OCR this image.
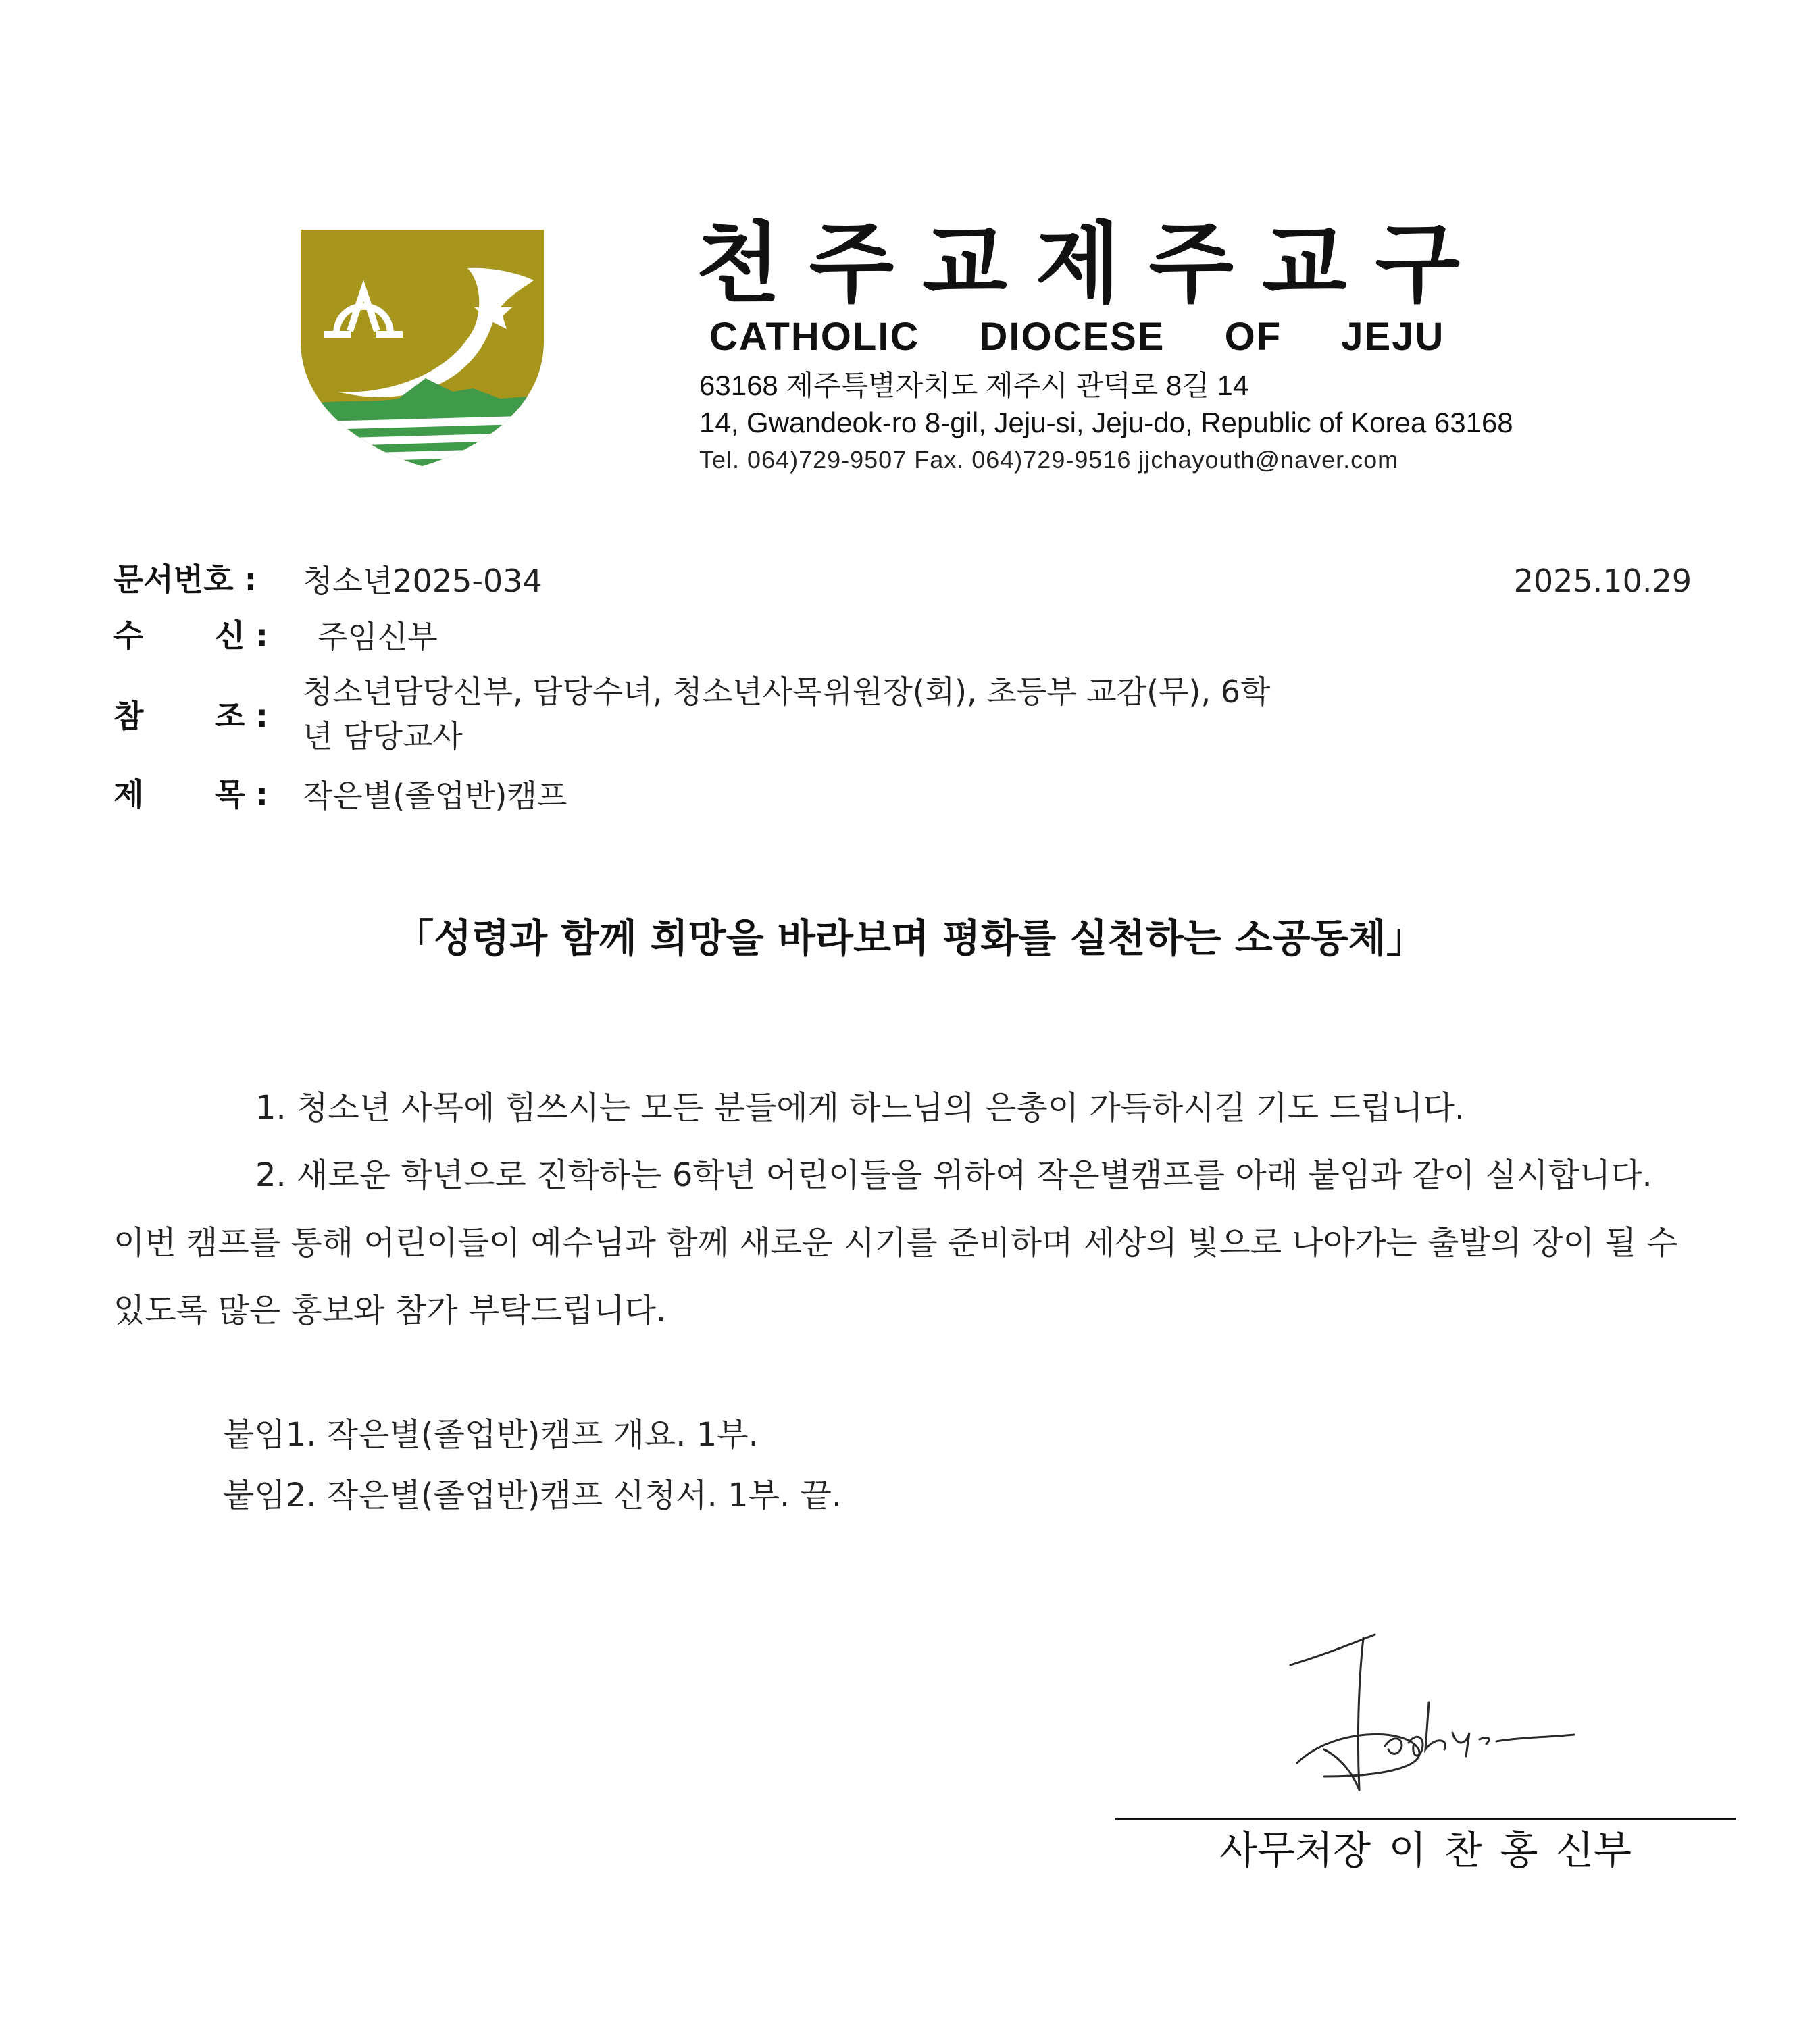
천주교제주교구
CATHOLIC DIOCESE OF JEJU
63168 제주특별자치도 제주시 관덕로 8길 14
14, Gwandeok-ro 8-gil, Jeju-si, Jeju-do, Republic of Korea 63168
Tel. 064)729-9507 Fax. 064)729-9516 jjchayouth@naver.com
문서번호 :	청소년2025-034	2025.10.29
수 신 : 주임신부
참 조 :
청소년담당신부, 담당수녀, 청소년사목위원장(회), 초등부 교감(무), 6학
년 담당교사
제 목 : 작은별(졸업반)캠프
「성령과 함께 희망을 바라보며 평화를 실천하는 소공동체」
1. 청소년 사목에 힘쓰시는 모든 분들에게 하느님의 은총이 가득하시길 기도 드립니다.
2. 새로운 학년으로 진학하는 6학년 어린이들을 위하여 작은별캠프를 아래 붙임과 같이 실시합니다. 이번 캠프를 통해 어린이들이 예수님과 함께 새로운 시기를 준비하며 세상의 빛으로 나아가는 출발의 장이 될 수 있도록 많은 홍보와 참가 부탁드립니다.
붙임1. 작은별(졸업반)캠프 개요. 1부.
붙임2. 작은별(졸업반)캠프 신청서. 1부. 끝.
사무처장 이 찬 홍 신부
